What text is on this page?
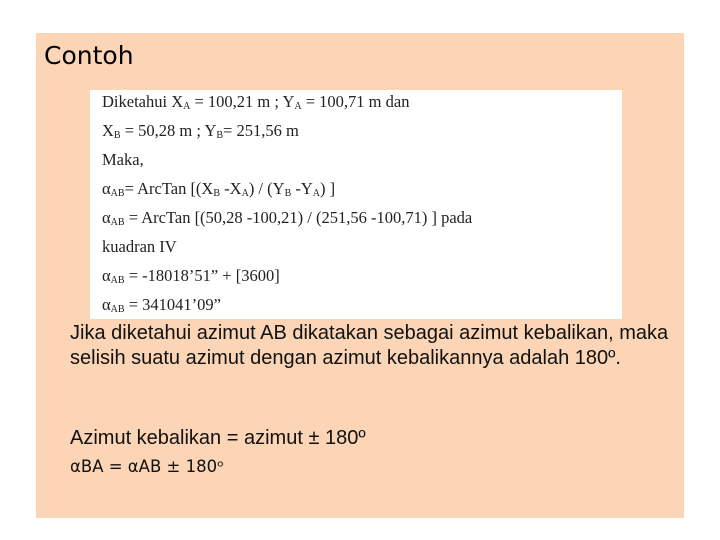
Contoh
Diketahui $X_A = 100,21$ m ; $Y_A = 100,71$ m dan
$X_B = 50,28$ m ; $Y_B= 251,56$ m
Maka,
$\alpha_{AB}=$ ArcTan [($X_B$ $-X_A) / (Y_B$ $-Y_A$) ]
$\alpha_{AB}$ = ArcTan [(50,28 -100,21) / (251,56 -100,71) ] pada
kuadran IV
$\alpha_{AB}$ = -18018’51” + [3600]
$\alpha_{AB}$ = 341041’09”
Jika diketahui azimut AB dikatakan sebagai azimut kebalikan, maka selisih suatu azimut dengan azimut kebalikannya adalah 180º.
Azimut kebalikan = azimut ± 180º
αBA = αAB ± 180ᵒ
